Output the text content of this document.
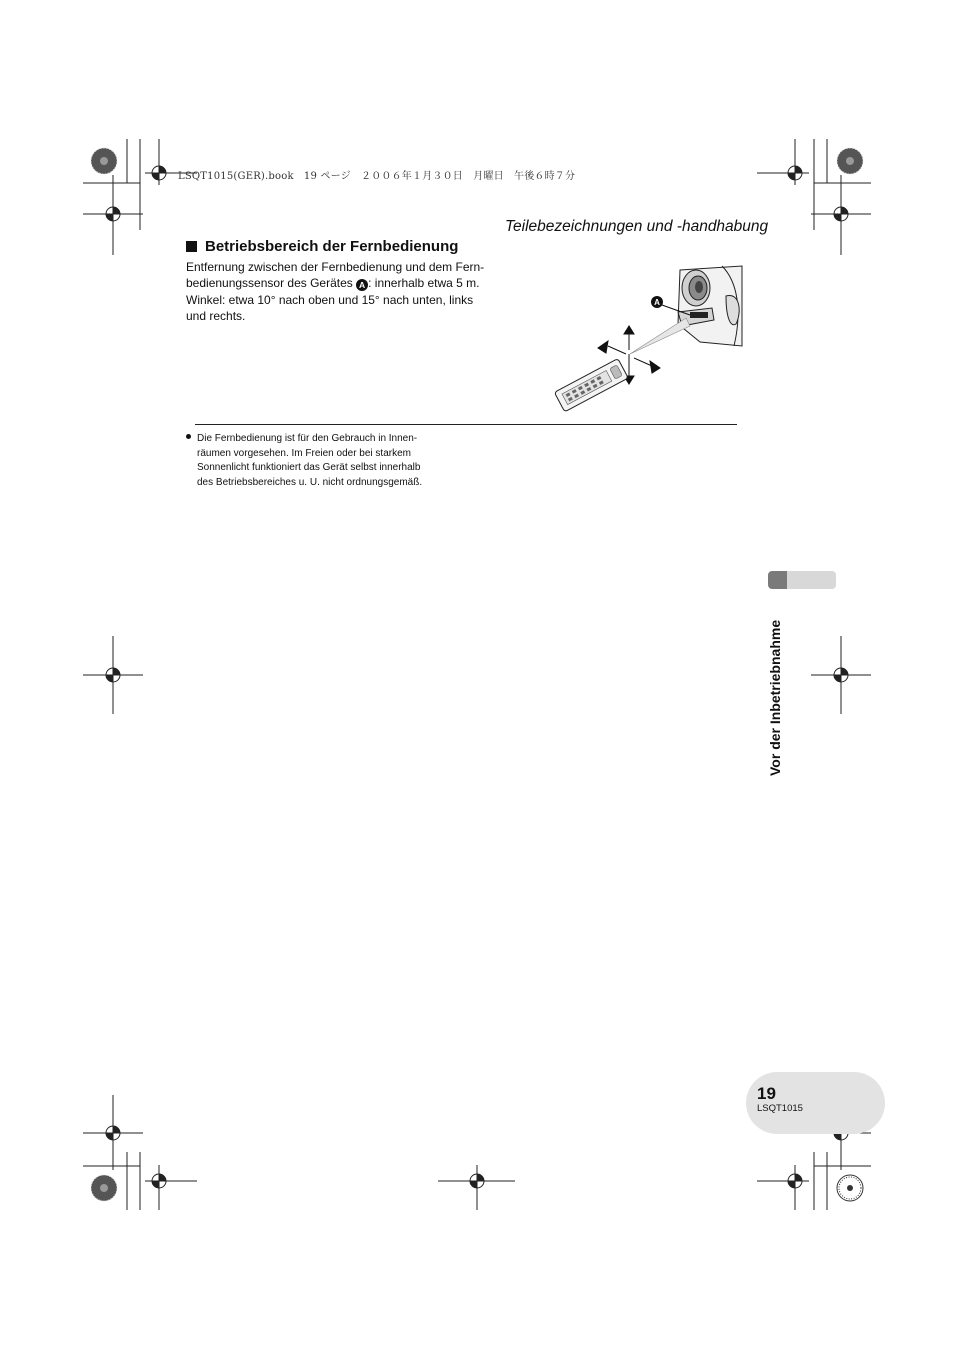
LSQT1015(GER).book　19 ページ　２００６年１月３０日　月曜日　午後６時７分
Teilebezeichnungen und -handhabung
Betriebsbereich der Fernbedienung
Entfernung zwischen der Fernbedienung und dem Fern-
bedienungssensor des Gerätes A : innerhalb etwa 5 m.
Winkel: etwa 10° nach oben und 15° nach unten, links
und rechts.
A
Die Fernbedienung ist für den Gebrauch in Innen-
räumen vorgesehen. Im Freien oder bei starkem
Sonnenlicht funktioniert das Gerät selbst innerhalb
des Betriebsbereiches u. U. nicht ordnungsgemäß.
Vor der Inbetriebnahme
19
LSQT1015
